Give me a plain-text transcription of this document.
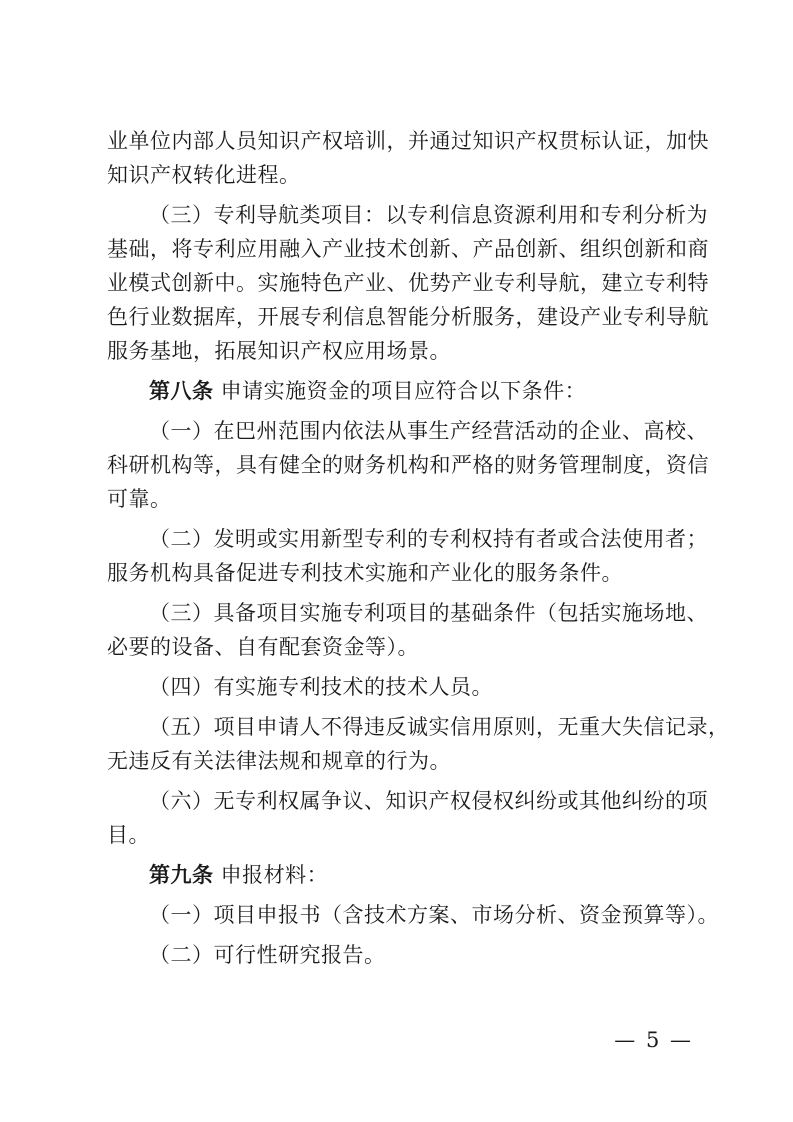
业单位内部人员知识产权培训，并通过知识产权贯标认证，加快
知识产权转化进程。
（三）专利导航类项目：以专利信息资源利用和专利分析为
基础，将专利应用融入产业技术创新、产品创新、组织创新和商
业模式创新中。实施特色产业、优势产业专利导航，建立专利特
色行业数据库，开展专利信息智能分析服务，建设产业专利导航
服务基地，拓展知识产权应用场景。
第八条 申请实施资金的项目应符合以下条件：
（一）在巴州范围内依法从事生产经营活动的企业、高校、
科研机构等，具有健全的财务机构和严格的财务管理制度，资信
可靠。
（二）发明或实用新型专利的专利权持有者或合法使用者；
服务机构具备促进专利技术实施和产业化的服务条件。
（三）具备项目实施专利项目的基础条件（包括实施场地、
必要的设备、自有配套资金等）。
（四）有实施专利技术的技术人员。
（五）项目申请人不得违反诚实信用原则，无重大失信记录，
无违反有关法律法规和规章的行为。
（六）无专利权属争议、知识产权侵权纠纷或其他纠纷的项
目。
第九条 申报材料：
（一）项目申报书（含技术方案、市场分析、资金预算等）。
（二）可行性研究报告。
— 5 —
